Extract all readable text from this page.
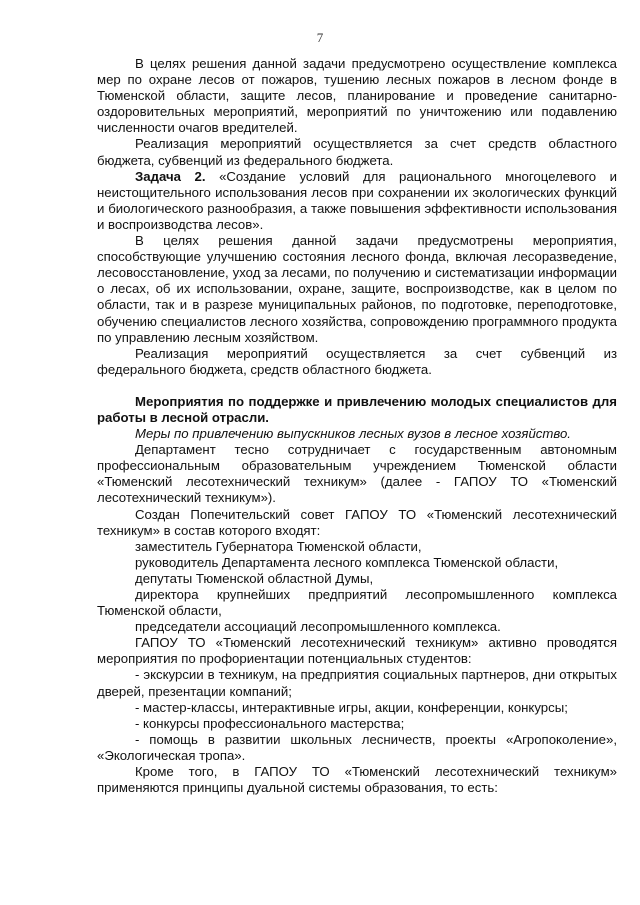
7

В целях решения данной задачи предусмотрено осуществление комплекса мер по охране лесов от пожаров, тушению лесных пожаров в лесном фонде в Тюменской области, защите лесов, планирование и проведение санитарно-оздоровительных мероприятий, мероприятий по уничтожению или подавлению численности очагов вредителей.

Реализация мероприятий осуществляется за счет средств областного бюджета, субвенций из федерального бюджета.

Задача 2. «Создание условий для рационального многоцелевого и неистощительного использования лесов при сохранении их экологических функций и биологического разнообразия, а также повышения эффективности использования и воспроизводства лесов».

В целях решения данной задачи предусмотрены мероприятия, способствующие улучшению состояния лесного фонда, включая лесоразведение, лесовосстановление, уход за лесами, по получению и систематизации информации о лесах, об их использовании, охране, защите, воспроизводстве, как в целом по области, так и в разрезе муниципальных районов, по подготовке, переподготовке, обучению специалистов лесного хозяйства, сопровождению программного продукта по управлению лесным хозяйством.

Реализация мероприятий осуществляется за счет субвенций из федерального бюджета, средств областного бюджета.

Мероприятия по поддержке и привлечению молодых специалистов для работы в лесной отрасли.

Меры по привлечению выпускников лесных вузов в лесное хозяйство.

Департамент тесно сотрудничает с государственным автономным профессиональным образовательным учреждением Тюменской области «Тюменский лесотехнический техникум» (далее - ГАПОУ ТО «Тюменский лесотехнический техникум»).

Создан Попечительский совет ГАПОУ ТО «Тюменский лесотехнический техникум» в состав которого входят:

заместитель Губернатора Тюменской области,

руководитель Департамента лесного комплекса Тюменской области,

депутаты Тюменской областной Думы,

директора крупнейших предприятий лесопромышленного комплекса Тюменской области,

председатели ассоциаций лесопромышленного комплекса.

ГАПОУ ТО «Тюменский лесотехнический техникум» активно проводятся мероприятия по профориентации потенциальных студентов:

- экскурсии в техникум, на предприятия социальных партнеров, дни открытых дверей, презентации компаний;

- мастер-классы, интерактивные игры, акции, конференции, конкурсы;

- конкурсы профессионального мастерства;

- помощь в развитии школьных лесничеств, проекты «Агропоколение», «Экологическая тропа».

Кроме того, в ГАПОУ ТО «Тюменский лесотехнический техникум» применяются принципы дуальной системы образования, то есть:
